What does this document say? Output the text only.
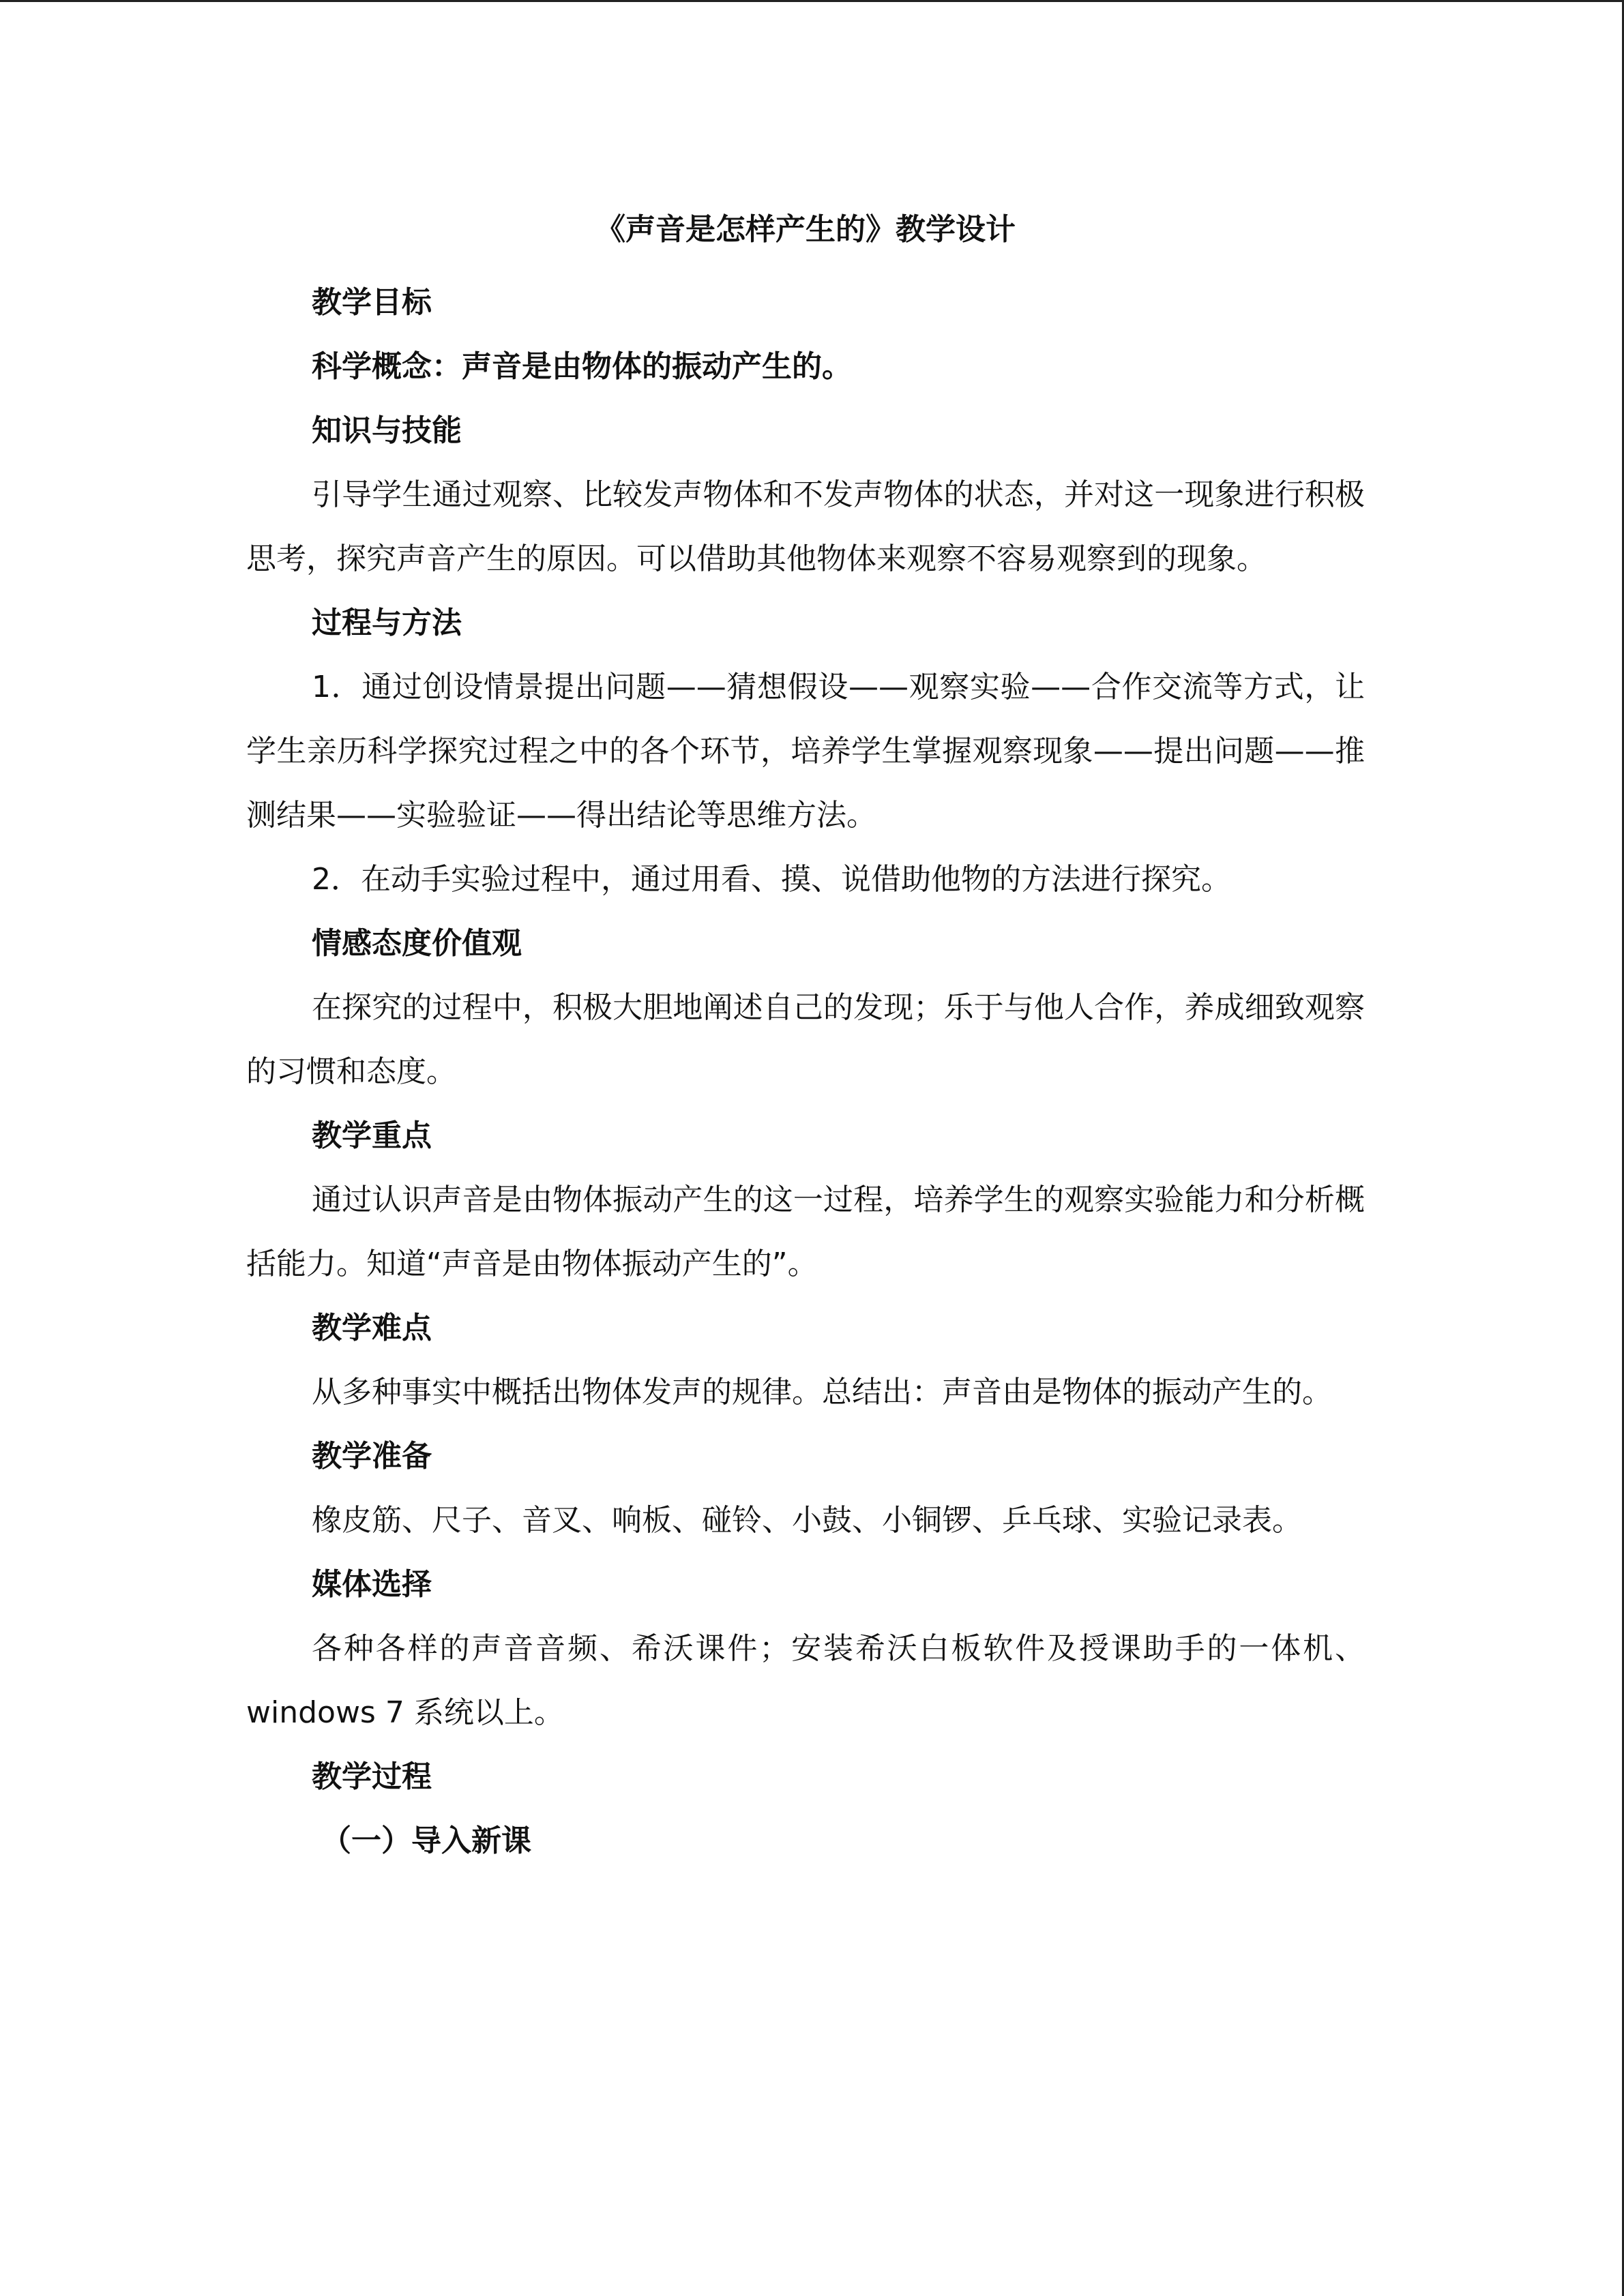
《声音是怎样产生的》教学设计

教学目标

科学概念：声音是由物体的振动产生的。

知识与技能

引导学生通过观察、比较发声物体和不发声物体的状态，并对这一现象进行积极思考，探究声音产生的原因。可以借助其他物体来观察不容易观察到的现象。

过程与方法

1．通过创设情景提出问题——猜想假设——观察实验——合作交流等方式，让学生亲历科学探究过程之中的各个环节，培养学生掌握观察现象——提出问题——推测结果——实验验证——得出结论等思维方法。

2．在动手实验过程中，通过用看、摸、说借助他物的方法进行探究。

情感态度价值观

在探究的过程中，积极大胆地阐述自己的发现；乐于与他人合作，养成细致观察的习惯和态度。

教学重点

通过认识声音是由物体振动产生的这一过程，培养学生的观察实验能力和分析概括能力。知道“声音是由物体振动产生的”。

教学难点

从多种事实中概括出物体发声的规律。总结出：声音由是物体的振动产生的。

教学准备

橡皮筋、尺子、音叉、响板、碰铃、小鼓、小铜锣、乒乓球、实验记录表。

媒体选择

各种各样的声音音频、希沃课件；安装希沃白板软件及授课助手的一体机、windows 7 系统以上。

教学过程

（一）导入新课
